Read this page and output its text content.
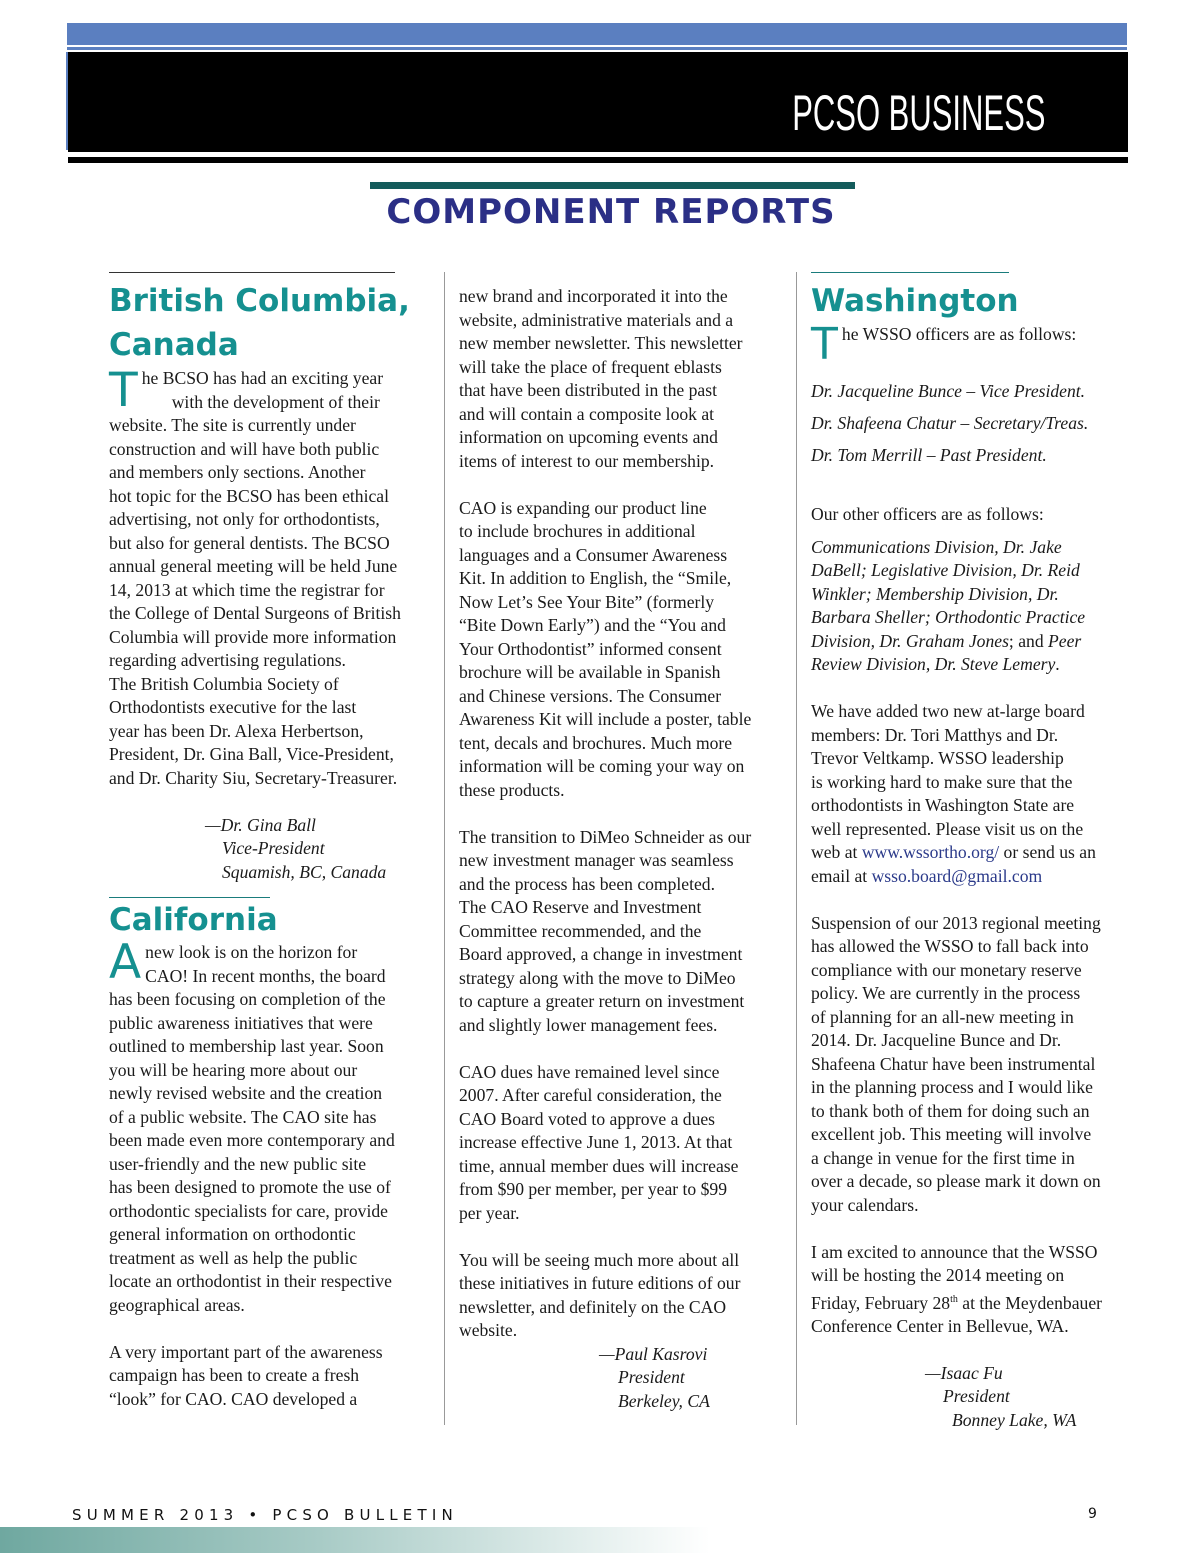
PCSO BUSINESS
COMPONENT REPORTS
British Columbia,
Canada
T he BCSO has had an exciting year
with the development of their
website. The site is currently under
construction and will have both public
and members only sections. Another
hot topic for the BCSO has been ethical
advertising, not only for orthodontists,
but also for general dentists. The BCSO
annual general meeting will be held June
14, 2013 at which time the registrar for
the College of Dental Surgeons of British
Columbia will provide more information
regarding advertising regulations.
The British Columbia Society of
Orthodontists executive for the last
year has been Dr. Alexa Herbertson,
President, Dr. Gina Ball, Vice-President,
and Dr. Charity Siu, Secretary-Treasurer.

—Dr. Gina Ball
Vice-President
Squamish, BC, Canada
California
A new look is on the horizon for
CAO! In recent months, the board
has been focusing on completion of the
public awareness initiatives that were
outlined to membership last year. Soon
you will be hearing more about our
newly revised website and the creation
of a public website. The CAO site has
been made even more contemporary and
user-friendly and the new public site
has been designed to promote the use of
orthodontic specialists for care, provide
general information on orthodontic
treatment as well as help the public
locate an orthodontist in their respective
geographical areas.

A very important part of the awareness
campaign has been to create a fresh
“look” for CAO. CAO developed a

new brand and incorporated it into the
website, administrative materials and a
new member newsletter. This newsletter
will take the place of frequent eblasts
that have been distributed in the past
and will contain a composite look at
information on upcoming events and
items of interest to our membership.

CAO is expanding our product line
to include brochures in additional
languages and a Consumer Awareness
Kit. In addition to English, the “Smile,
Now Let’s See Your Bite” (formerly
“Bite Down Early”) and the “You and
Your Orthodontist” informed consent
brochure will be available in Spanish
and Chinese versions. The Consumer
Awareness Kit will include a poster, table
tent, decals and brochures. Much more
information will be coming your way on
these products.

The transition to DiMeo Schneider as our
new investment manager was seamless
and the process has been completed.
The CAO Reserve and Investment
Committee recommended, and the
Board approved, a change in investment
strategy along with the move to DiMeo
to capture a greater return on investment
and slightly lower management fees.

CAO dues have remained level since
2007. After careful consideration, the
CAO Board voted to approve a dues
increase effective June 1, 2013. At that
time, annual member dues will increase
from $90 per member, per year to $99
per year.

You will be seeing much more about all
these initiatives in future editions of our
newsletter, and definitely on the CAO
website.

—Paul Kasrovi
President
Berkeley, CA
Washington
T he WSSO officers are as follows:

Dr. Jacqueline Bunce – Vice President.
Dr. Shafeena Chatur – Secretary/Treas.
Dr. Tom Merrill – Past President.

Our other officers are as follows:

Communications Division, Dr. Jake
DaBell; Legislative Division, Dr. Reid
Winkler; Membership Division, Dr.
Barbara Sheller; Orthodontic Practice
Division, Dr. Graham Jones; and Peer
Review Division, Dr. Steve Lemery.

We have added two new at-large board
members: Dr. Tori Matthys and Dr.
Trevor Veltkamp. WSSO leadership
is working hard to make sure that the
orthodontists in Washington State are
well represented. Please visit us on the
web at www.wssortho.org/ or send us an
email at wsso.board@gmail.com

Suspension of our 2013 regional meeting
has allowed the WSSO to fall back into
compliance with our monetary reserve
policy. We are currently in the process
of planning for an all-new meeting in
2014. Dr. Jacqueline Bunce and Dr.
Shafeena Chatur have been instrumental
in the planning process and I would like
to thank both of them for doing such an
excellent job. This meeting will involve
a change in venue for the first time in
over a decade, so please mark it down on
your calendars.

I am excited to announce that the WSSO
will be hosting the 2014 meeting on
Friday, February 28th at the Meydenbauer
Conference Center in Bellevue, WA.

—Isaac Fu
President
Bonney Lake, WA
SUMMER 2013 • PCSO BULLETIN	9
